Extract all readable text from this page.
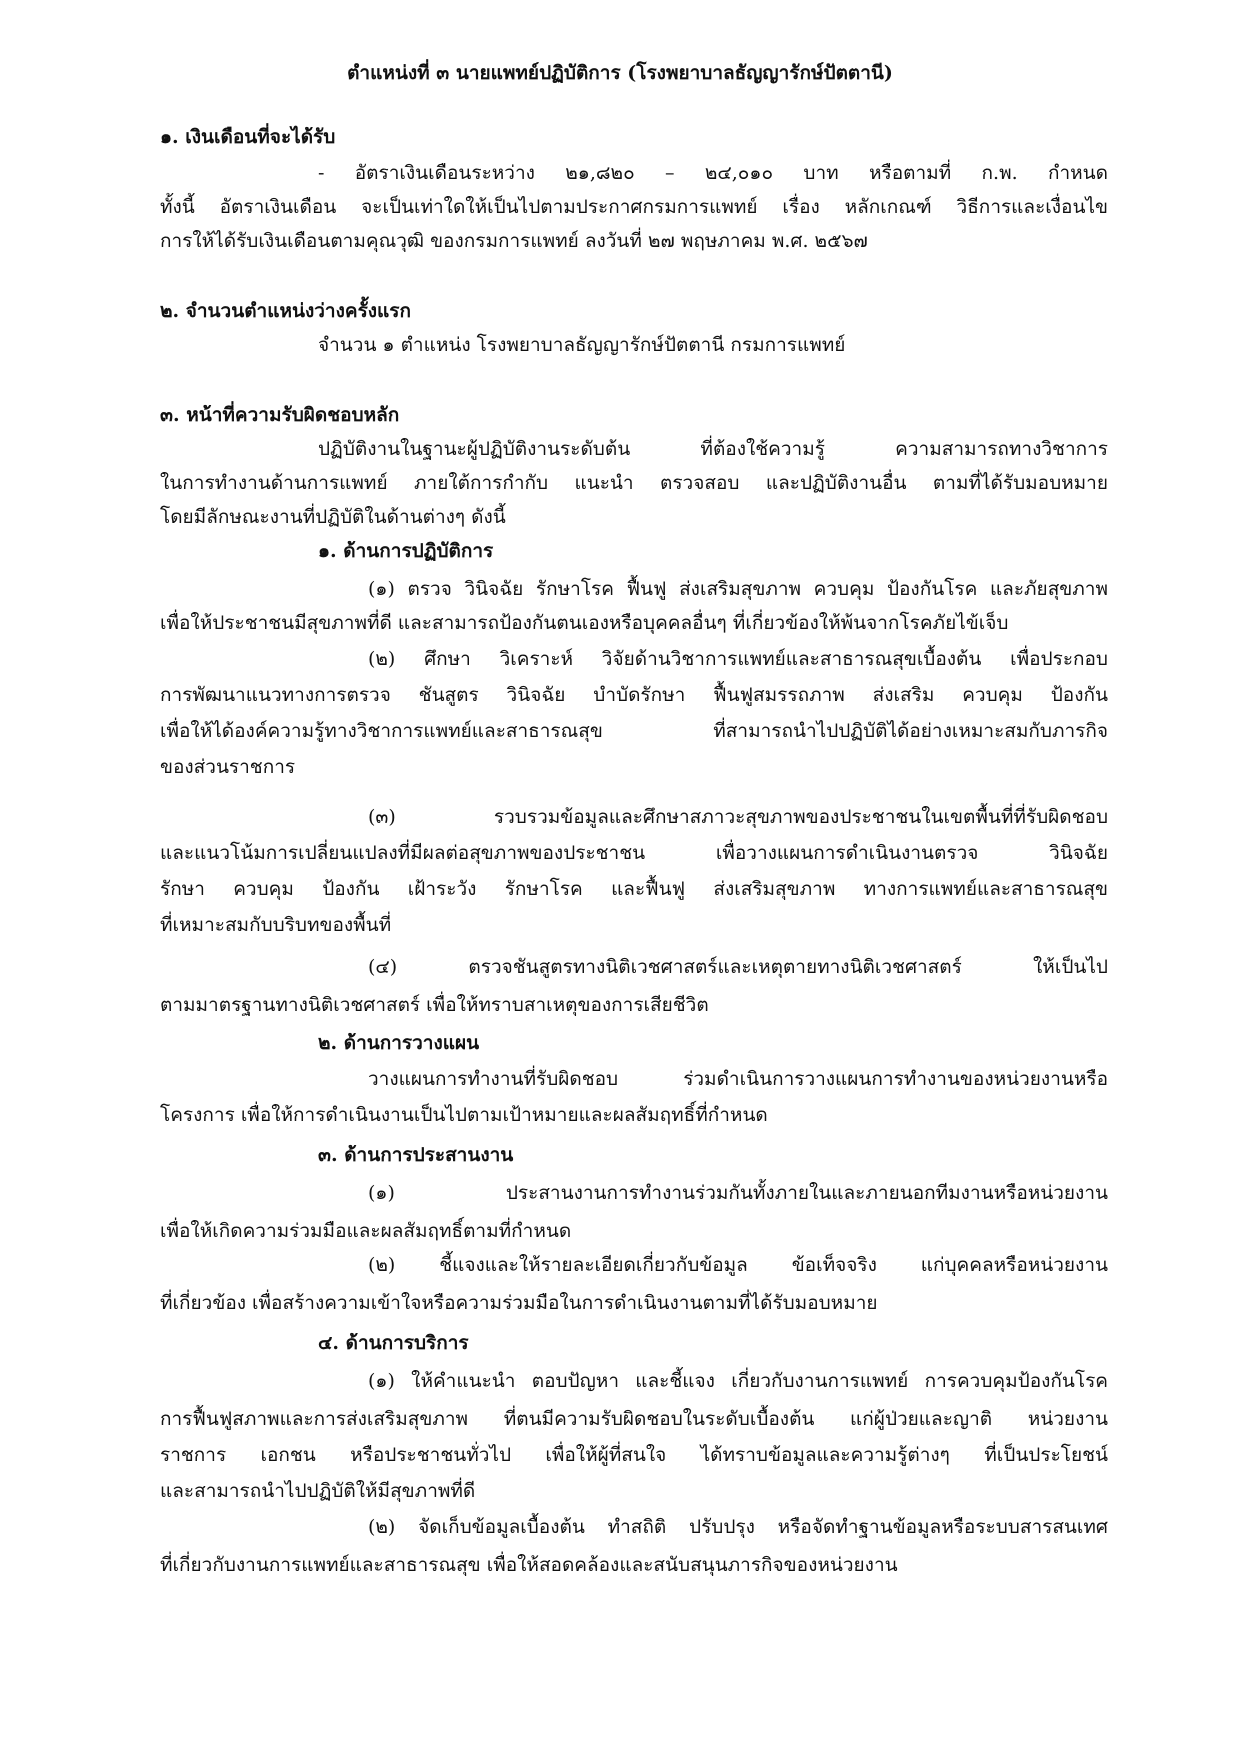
ตำแหน่งที่ ๓ นายแพทย์ปฏิบัติการ (โรงพยาบาลธัญญารักษ์ปัตตานี)
๑. เงินเดือนที่จะได้รับ
- อัตราเงินเดือนระหว่าง ๒๑,๘๒๐ – ๒๔,๐๑๐ บาท หรือตามที่ ก.พ. กำหนด
ทั้งนี้ อัตราเงินเดือน จะเป็นเท่าใดให้เป็นไปตามประกาศกรมการแพทย์ เรื่อง หลักเกณฑ์ วิธีการและเงื่อนไข
การให้ได้รับเงินเดือนตามคุณวุฒิ ของกรมการแพทย์ ลงวันที่ ๒๗ พฤษภาคม พ.ศ. ๒๕๖๗
๒. จำนวนตำแหน่งว่างครั้งแรก
จำนวน ๑ ตำแหน่ง โรงพยาบาลธัญญารักษ์ปัตตานี กรมการแพทย์
๓. หน้าที่ความรับผิดชอบหลัก
ปฏิบัติงานในฐานะผู้ปฏิบัติงานระดับต้น ที่ต้องใช้ความรู้ ความสามารถทางวิชาการ
ในการทำงานด้านการแพทย์ ภายใต้การกำกับ แนะนำ ตรวจสอบ และปฏิบัติงานอื่น ตามที่ได้รับมอบหมาย
โดยมีลักษณะงานที่ปฏิบัติในด้านต่างๆ ดังนี้
๑. ด้านการปฏิบัติการ
(๑) ตรวจ วินิจฉัย รักษาโรค ฟื้นฟู ส่งเสริมสุขภาพ ควบคุม ป้องกันโรค และภัยสุขภาพ
เพื่อให้ประชาชนมีสุขภาพที่ดี และสามารถป้องกันตนเองหรือบุคคลอื่นๆ ที่เกี่ยวข้องให้พ้นจากโรคภัยไข้เจ็บ
(๒) ศึกษา วิเคราะห์ วิจัยด้านวิชาการแพทย์และสาธารณสุขเบื้องต้น เพื่อประกอบ
การพัฒนาแนวทางการตรวจ ชันสูตร วินิจฉัย บำบัดรักษา ฟื้นฟูสมรรถภาพ ส่งเสริม ควบคุม ป้องกัน
เพื่อให้ได้องค์ความรู้ทางวิชาการแพทย์และสาธารณสุข ที่สามารถนำไปปฏิบัติได้อย่างเหมาะสมกับภารกิจ
ของส่วนราชการ
(๓) รวบรวมข้อมูลและศึกษาสภาวะสุขภาพของประชาชนในเขตพื้นที่ที่รับผิดชอบ
และแนวโน้มการเปลี่ยนแปลงที่มีผลต่อสุขภาพของประชาชน เพื่อวางแผนการดำเนินงานตรวจ วินิจฉัย
รักษา ควบคุม ป้องกัน เฝ้าระวัง รักษาโรค และฟื้นฟู ส่งเสริมสุขภาพ ทางการแพทย์และสาธารณสุข
ที่เหมาะสมกับบริบทของพื้นที่
(๔) ตรวจชันสูตรทางนิติเวชศาสตร์และเหตุตายทางนิติเวชศาสตร์ ให้เป็นไป
ตามมาตรฐานทางนิติเวชศาสตร์ เพื่อให้ทราบสาเหตุของการเสียชีวิต
๒. ด้านการวางแผน
วางแผนการทำงานที่รับผิดชอบ ร่วมดำเนินการวางแผนการทำงานของหน่วยงานหรือ
โครงการ เพื่อให้การดำเนินงานเป็นไปตามเป้าหมายและผลสัมฤทธิ์ที่กำหนด
๓. ด้านการประสานงาน
(๑) ประสานงานการทำงานร่วมกันทั้งภายในและภายนอกทีมงานหรือหน่วยงาน
เพื่อให้เกิดความร่วมมือและผลสัมฤทธิ์ตามที่กำหนด
(๒) ชี้แจงและให้รายละเอียดเกี่ยวกับข้อมูล ข้อเท็จจริง แก่บุคคลหรือหน่วยงาน
ที่เกี่ยวข้อง เพื่อสร้างความเข้าใจหรือความร่วมมือในการดำเนินงานตามที่ได้รับมอบหมาย
๔. ด้านการบริการ
(๑) ให้คำแนะนำ ตอบปัญหา และชี้แจง เกี่ยวกับงานการแพทย์ การควบคุมป้องกันโรค
การฟื้นฟูสภาพและการส่งเสริมสุขภาพ ที่ตนมีความรับผิดชอบในระดับเบื้องต้น แก่ผู้ป่วยและญาติ หน่วยงาน
ราชการ เอกชน หรือประชาชนทั่วไป เพื่อให้ผู้ที่สนใจ ได้ทราบข้อมูลและความรู้ต่างๆ ที่เป็นประโยชน์
และสามารถนำไปปฏิบัติให้มีสุขภาพที่ดี
(๒) จัดเก็บข้อมูลเบื้องต้น ทำสถิติ ปรับปรุง หรือจัดทำฐานข้อมูลหรือระบบสารสนเทศ
ที่เกี่ยวกับงานการแพทย์และสาธารณสุข เพื่อให้สอดคล้องและสนับสนุนภารกิจของหน่วยงาน
